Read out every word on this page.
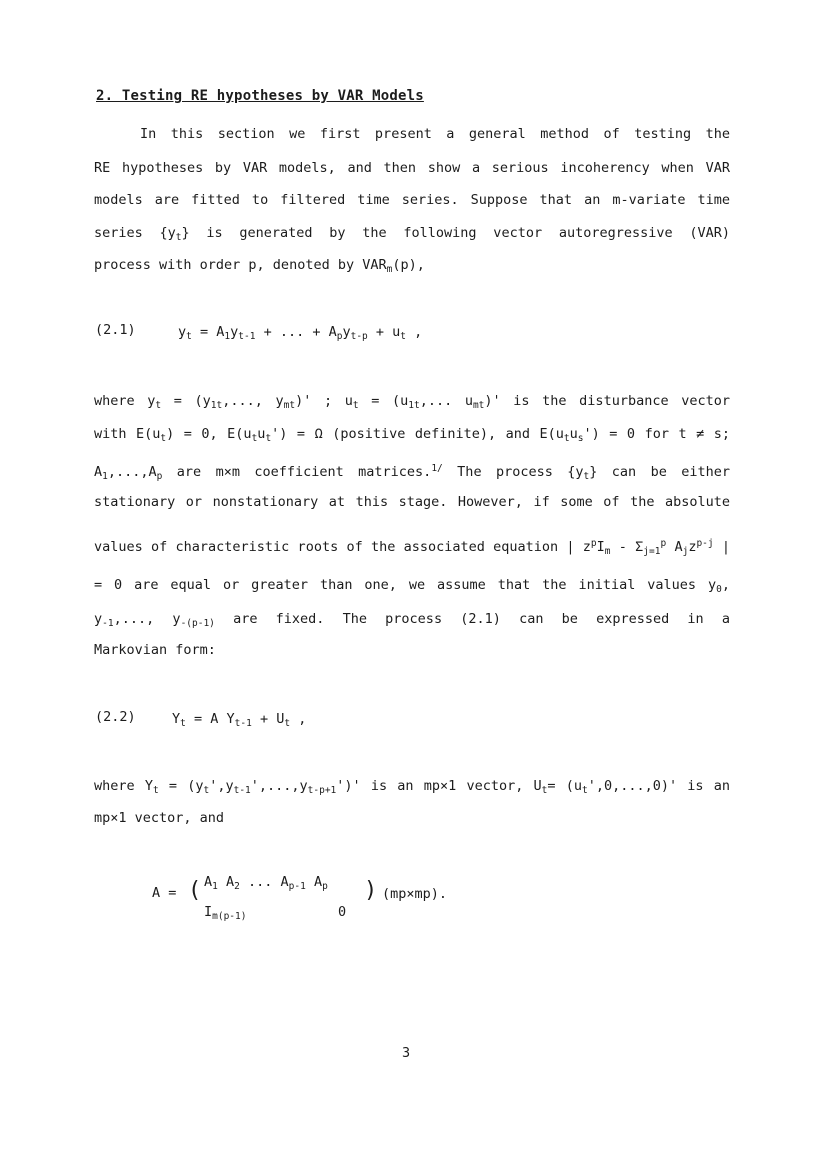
2. Testing RE hypotheses by VAR Models
In this section we first present a general method of testing the
RE hypotheses by VAR models, and then show a serious incoherency when VAR
models are fitted to filtered time series. Suppose that an m-variate time
series $\{y_t\}$ is generated by the following vector autoregressive (VAR)
process with order p, denoted by $VAR_m(p)$,
(2.1)	$y_t = A_1y_{t-1}$ + ... + $A_py_{t-p} + u_t$ ,
where $y_t = (y_{1t}$,..., $y_{mt})'$ ; $u_t = (u_{1t}$,... $u_{mt})'$ is the disturbance vector
with $E(u_t) = 0$, $E(u_tu_t') = \Omega$ (positive definite), and $E(u_tu_s') = 0$ for t ≠ s;
$A_1,...,A_p$ are m×m coefficient matrices.$^{1/}$ The process $\{y_t\}$ can be either
stationary or nonstationary at this stage. However, if some of the absolute
values of characteristic roots of the associated equation | $z^pI_m - \Sigma_{j=1}^p$ $A_jz^{p-j}$ |
= 0 are equal or greater than one, we assume that the initial values $y_0$,
$y_{-1}$,..., $y_{-(p-1)}$ are fixed. The process (2.1) can be expressed in a
Markovian form:
(2.2)	$Y_t = A$ $Y_{t-1} + U_t$ ,
where $Y_t = (y_t',y_{t-1}',...,y_{t-p+1}')'$ is an mp×1 vector, $U_t= (u_t',0,...,0)'$ is an
mp×1 vector, and
A = ( $A_1$ $A_2$ ... $A_{p-1}$ $A_p$
$I_{m(p-1)}$	0
) (mp×mp).
3
